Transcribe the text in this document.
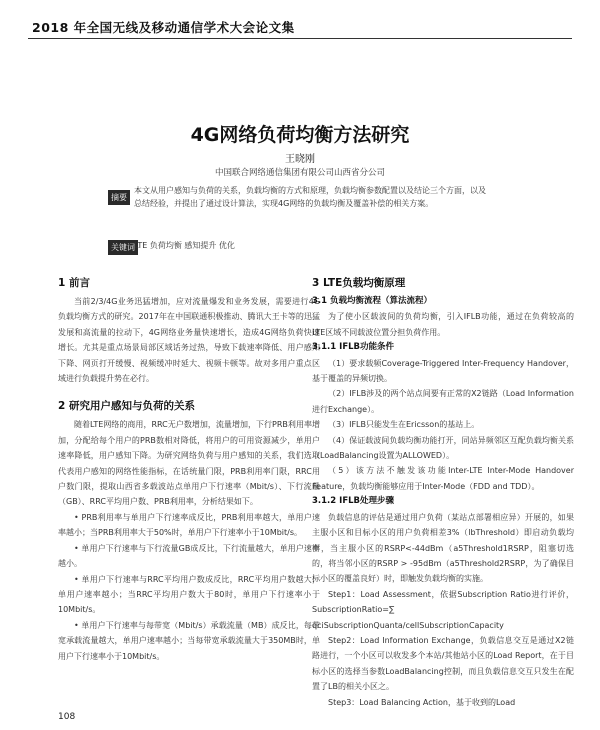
2018 年全国无线及移动通信学术大会论文集
4G网络负荷均衡方法研究
王晓刚
中国联合网络通信集团有限公司山西省分公司
摘要
本文从用户感知与负荷的关系，负载均衡的方式和原理，负载均衡参数配置以及结论三个方面，以及总结经验，并提出了通过设计算法，实现4G网络的负载均衡及覆盖补偿的相关方案。
关键词 LTE 负荷均衡 感知提升 优化
1 前言

当前2/3/4G业务迅猛增加，应对流量爆发和业务发展，需要进行4G负载均衡方式的研究。2017年在中国联通积极推动、腾讯大王卡等的迅猛发展和高流量的拉动下，4G网络业务量快速增长，造成4G网络负荷快速增长。尤其是重点场景局部区域话务过热，导致下载速率降低、用户感知下降、网页打开缓慢、视频缓冲时延大、视频卡顿等。故对多用户重点区域进行负载提升势在必行。

2 研究用户感知与负荷的关系

随着LTE网络的商用，RRC无户数增加，流量增加，下行PRB利用率增加，分配给每个用户的PRB数相对降低，将用户的可用资源减少，单用户速率降低，用户感知下降。为研究网络负荷与用户感知的关系，我们选取代表用户感知的网络性能指标，在话统量门限，PRB利用率门限，RRC用户数门限，提取山西省多载波站点单用户下行速率（Mbit/s）、下行流量（GB）、RRC平均用户数、PRB利用率，分析结果如下。

• PRB利用率与单用户下行速率成反比，PRB利用率越大，单用户速率越小；当PRB利用率大于50%时，单用户下行速率小于10Mbit/s。

• 单用户下行速率与下行流量GB成反比，下行流量越大，单用户速率越小。

• 单用户下行速率与RRC平均用户数成反比，RRC平均用户数越大，单用户速率越小；当RRC平均用户数大于80时，单用户下行速率小于10Mbit/s。

• 单用户下行速率与每带宽（Mbit/s）承载流量（MB）成反比，每带宽承载流量越大，单用户速率越小；当每带宽承载流量大于350MB时，单用户下行速率小于10Mbit/s。

3 LTE负载均衡原理
3.1 负载均衡流程（算法流程）

为了使小区载波间的负荷均衡，引入IFLB功能，通过在负荷较高的LTE区域不同载波位置分担负荷作用。

3.1.1 IFLB功能条件

（1）要求载频Coverage-Triggered Inter-Frequency Handover，基于覆盖的异频切换。

（2）IFLB涉及的两个站点间要有正常的X2链路（Load Information进行Exchange）。

（3）IFLB只能发生在Ericsson的基站上。

（4）保证载波间负载均衡功能打开，同站异频邻区互配负载均衡关系（LoadBalancing设置为ALLOWED）。

（5）该方法不触发该功能Inter-LTE Inter-Mode Handover Feature，负载均衡能够应用于Inter-Mode（FDD and TDD）。

3.1.2 IFLB处理步骤

负载信息的评估是通过用户负荷（某站点部署相应异）开展的，如果主服小区和目标小区的用户负荷相差3%（lbThreshold）即启动负载均衡，当主服小区的RSRP<-44dBm（a5Threshold1RSRP，阻塞切选的，将当邻小区的RSRP > -95dBm（a5Threshold2RSRP，为了确保目标小区的覆盖良好）时，即触发负载均衡的实施。

Step1：Load Assessment，依据Subscription Ratio进行评价，SubscriptionRatio=∑ qciSubscriptionQuanta/cellSubscriptionCapacity

Step2：Load Information Exchange，负载信息交互是通过X2链路进行，一个小区可以收发多个本站/其他站小区的Load Report，在于目标小区的选择当参数LoadBalancing控制，而且负载信息交互只发生在配置了LB的相关小区之。

Step3：Load Balancing Action，基于收到的Load

108
